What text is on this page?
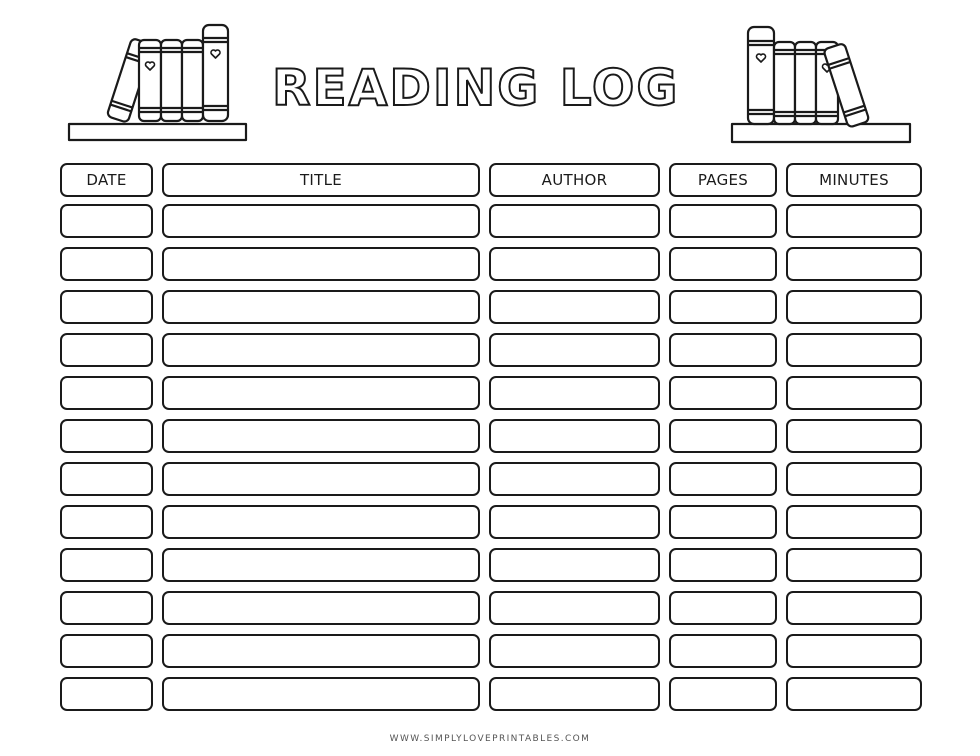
READING LOG
DATE	TITLE	AUTHOR	PAGES	MINUTES
WWW.SIMPLYLOVEPRINTABLES.COM
